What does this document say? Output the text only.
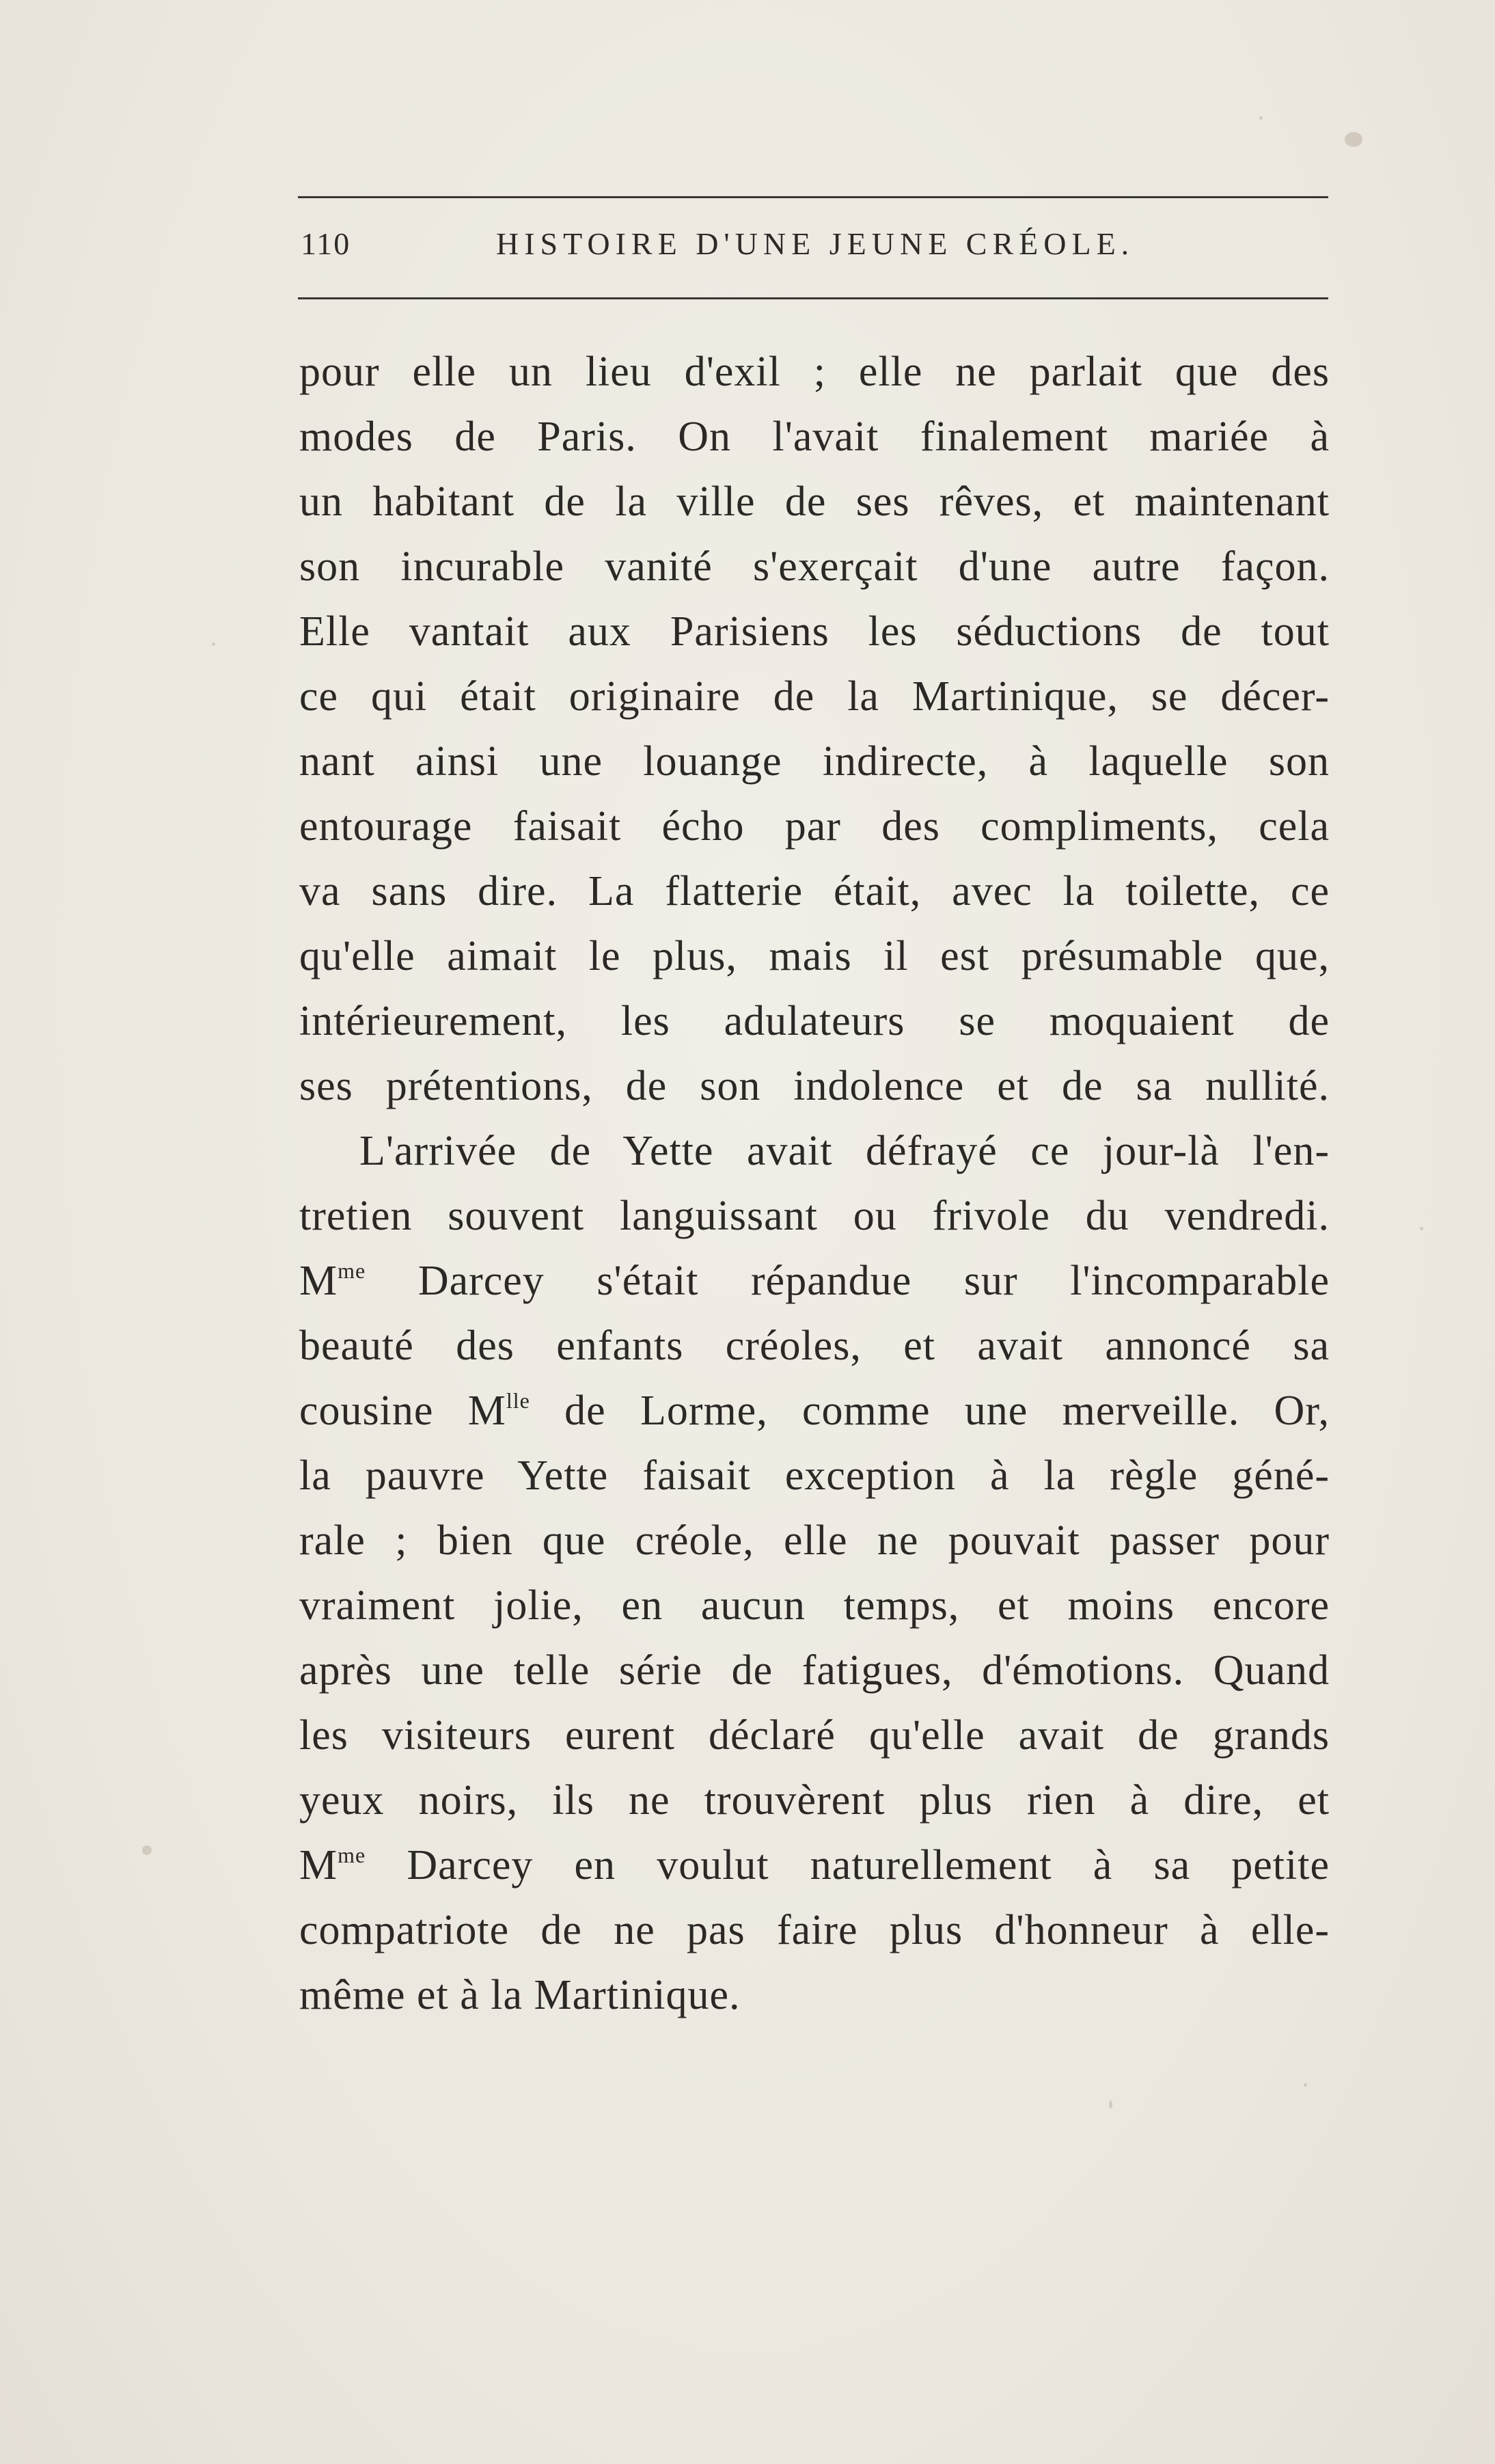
110	HISTOIRE D'UNE JEUNE CRÉOLE.
pour elle un lieu d'exil ; elle ne parlait que des
modes de Paris. On l'avait finalement mariée à
un habitant de la ville de ses rêves, et maintenant
son incurable vanité s'exerçait d'une autre façon.
Elle vantait aux Parisiens les séductions de tout
ce qui était originaire de la Martinique, se décer-
nant ainsi une louange indirecte, à laquelle son
entourage faisait écho par des compliments, cela
va sans dire. La flatterie était, avec la toilette, ce
qu'elle aimait le plus, mais il est présumable que,
intérieurement, les adulateurs se moquaient de
ses prétentions, de son indolence et de sa nullité.
L'arrivée de Yette avait défrayé ce jour-là l'en-
tretien souvent languissant ou frivole du vendredi.
$M^{me}$ Darcey s'était répandue sur l'incomparable
beauté des enfants créoles, et avait annoncé sa
cousine $M^{lle}$ de Lorme, comme une merveille. Or,
la pauvre Yette faisait exception à la règle géné-
rale ; bien que créole, elle ne pouvait passer pour
vraiment jolie, en aucun temps, et moins encore
après une telle série de fatigues, d'émotions. Quand
les visiteurs eurent déclaré qu'elle avait de grands
yeux noirs, ils ne trouvèrent plus rien à dire, et
$M^{me}$ Darcey en voulut naturellement à sa petite
compatriote de ne pas faire plus d'honneur à elle-
même et à la Martinique.
